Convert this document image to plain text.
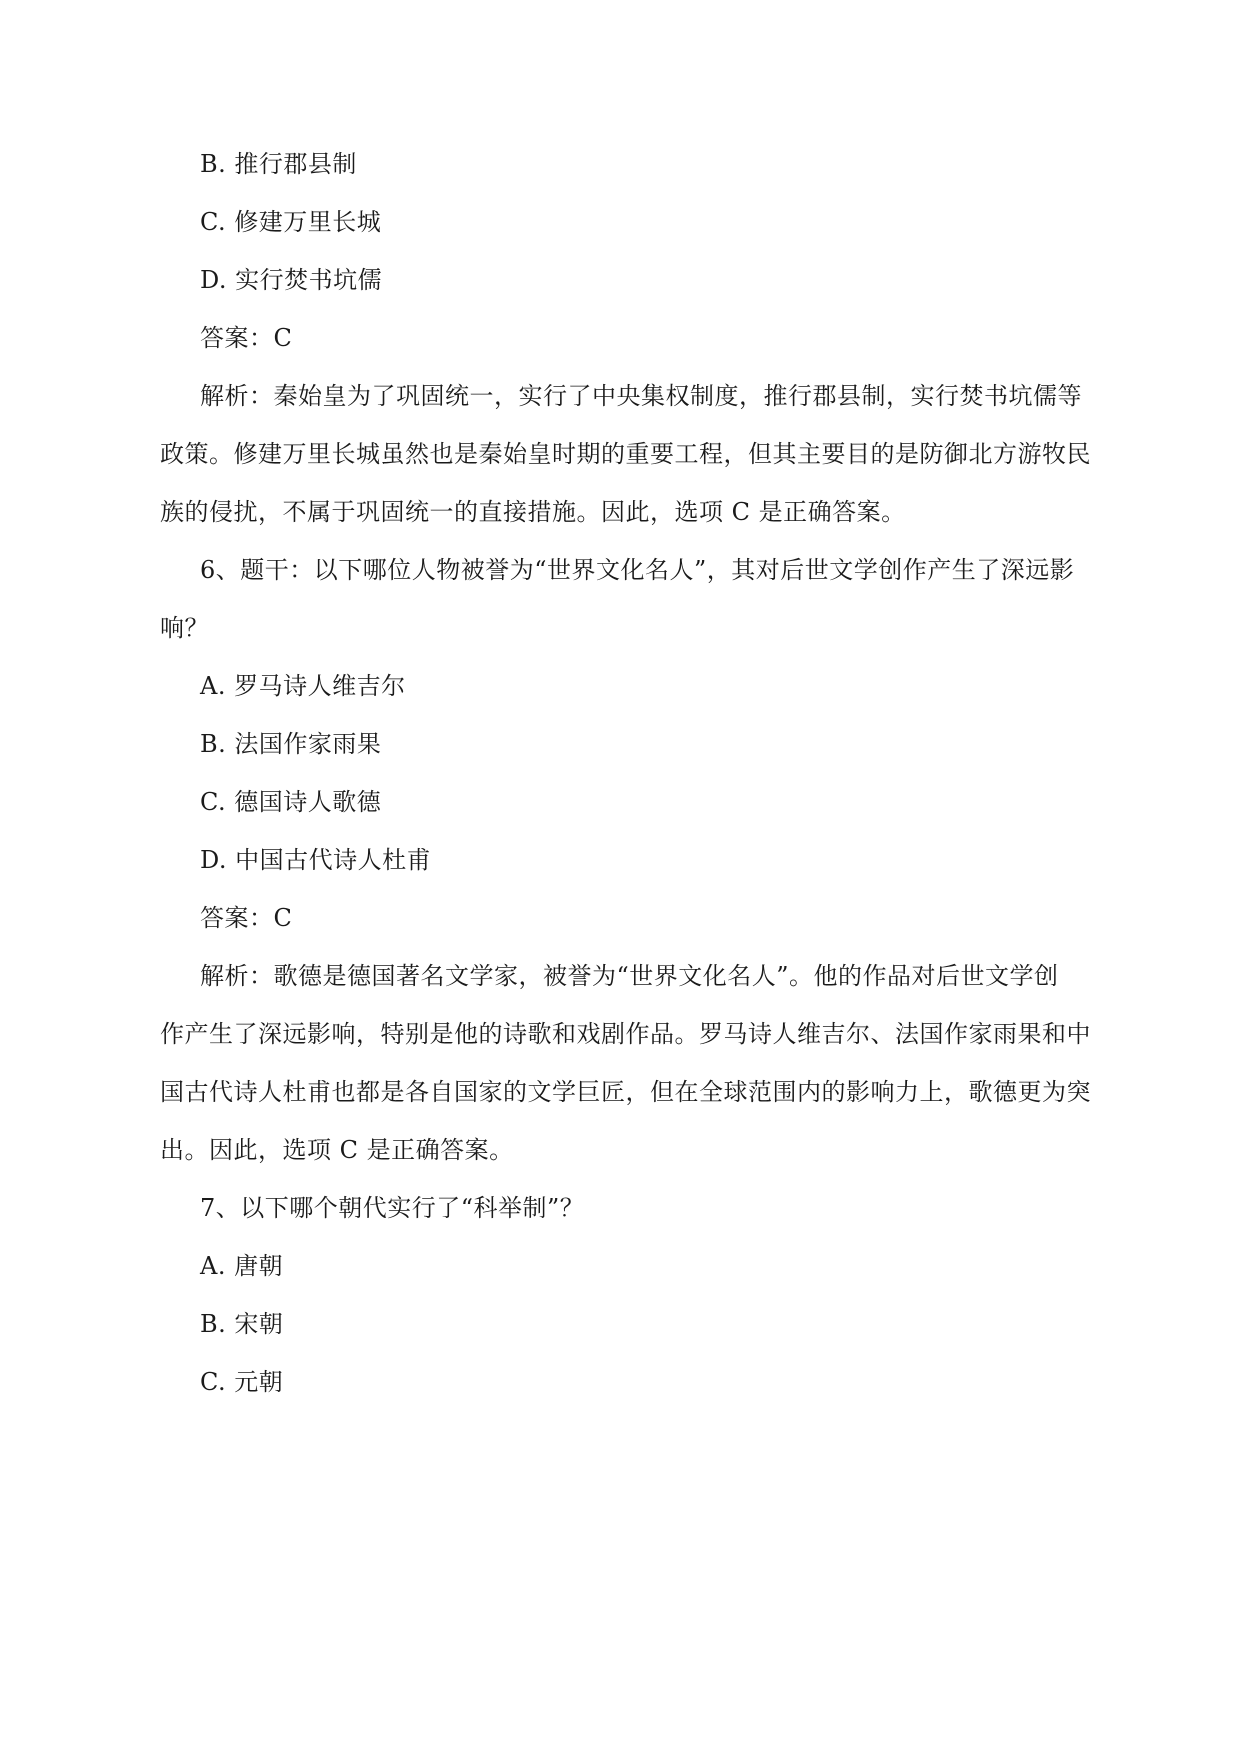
B. 推行郡县制
C. 修建万里长城
D. 实行焚书坑儒
答案：C
解析：秦始皇为了巩固统一，实行了中央集权制度，推行郡县制，实行焚书坑儒等
政策。修建万里长城虽然也是秦始皇时期的重要工程，但其主要目的是防御北方游牧民
族的侵扰，不属于巩固统一的直接措施。因此，选项 C 是正确答案。
6、题干：以下哪位人物被誉为“世界文化名人”，其对后世文学创作产生了深远影
响？
A. 罗马诗人维吉尔
B. 法国作家雨果
C. 德国诗人歌德
D. 中国古代诗人杜甫
答案：C
解析：歌德是德国著名文学家，被誉为“世界文化名人”。他的作品对后世文学创
作产生了深远影响，特别是他的诗歌和戏剧作品。罗马诗人维吉尔、法国作家雨果和中
国古代诗人杜甫也都是各自国家的文学巨匠，但在全球范围内的影响力上，歌德更为突
出。因此，选项 C 是正确答案。
7、以下哪个朝代实行了“科举制”？
A. 唐朝
B. 宋朝
C. 元朝
